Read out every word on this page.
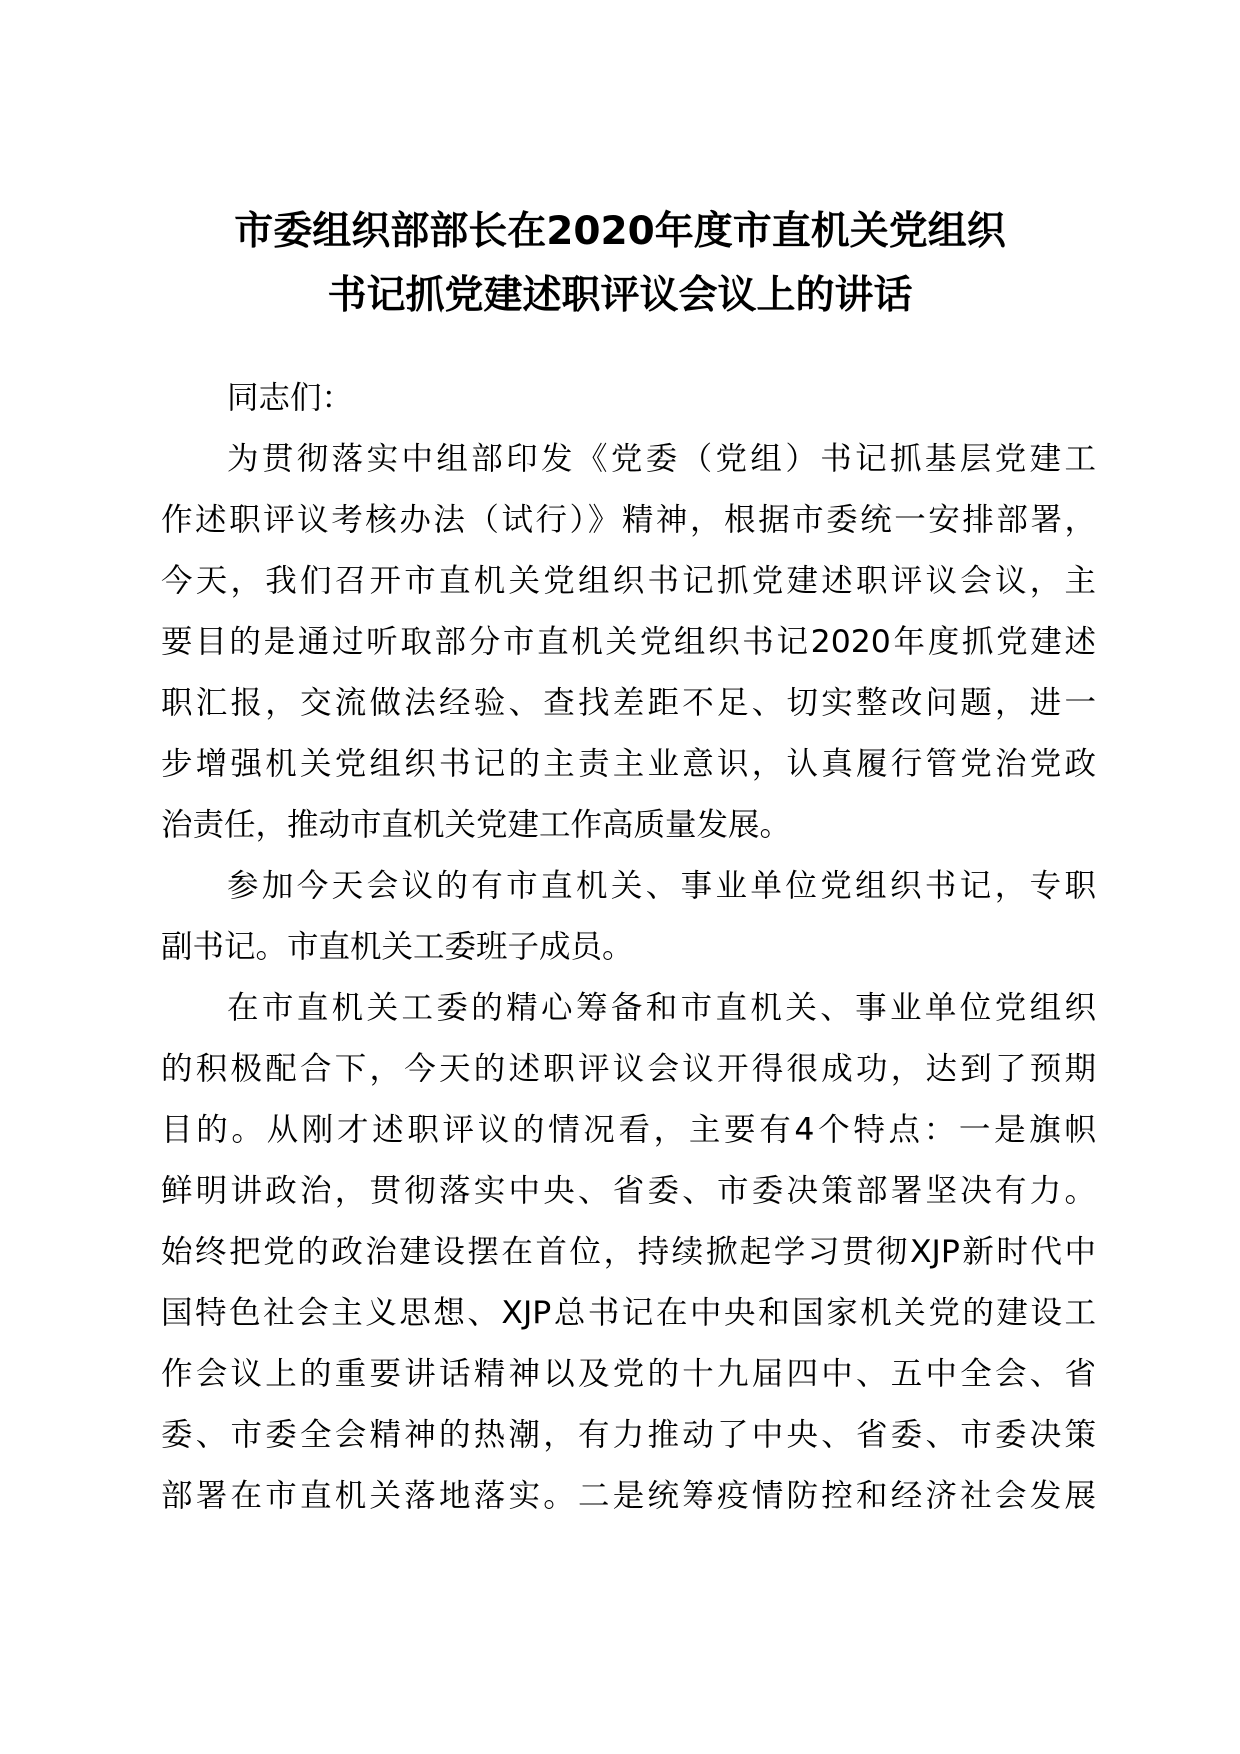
市委组织部部长在2020年度市直机关党组织
书记抓党建述职评议会议上的讲话
同志们：
为贯彻落实中组部印发《党委（党组）书记抓基层党建工
作述职评议考核办法（试行）》精神，根据市委统一安排部署，
今天，我们召开市直机关党组织书记抓党建述职评议会议，主
要目的是通过听取部分市直机关党组织书记2020年度抓党建述
职汇报，交流做法经验、查找差距不足、切实整改问题，进一
步增强机关党组织书记的主责主业意识，认真履行管党治党政
治责任，推动市直机关党建工作高质量发展。
参加今天会议的有市直机关、事业单位党组织书记，专职
副书记。市直机关工委班子成员。
在市直机关工委的精心筹备和市直机关、事业单位党组织
的积极配合下，今天的述职评议会议开得很成功，达到了预期
目的。从刚才述职评议的情况看，主要有4个特点：一是旗帜
鲜明讲政治，贯彻落实中央、省委、市委决策部署坚决有力。
始终把党的政治建设摆在首位，持续掀起学习贯彻XJP新时代中
国特色社会主义思想、XJP总书记在中央和国家机关党的建设工
作会议上的重要讲话精神以及党的十九届四中、五中全会、省
委、市委全会精神的热潮，有力推动了中央、省委、市委决策
部署在市直机关落地落实。二是统筹疫情防控和经济社会发展
